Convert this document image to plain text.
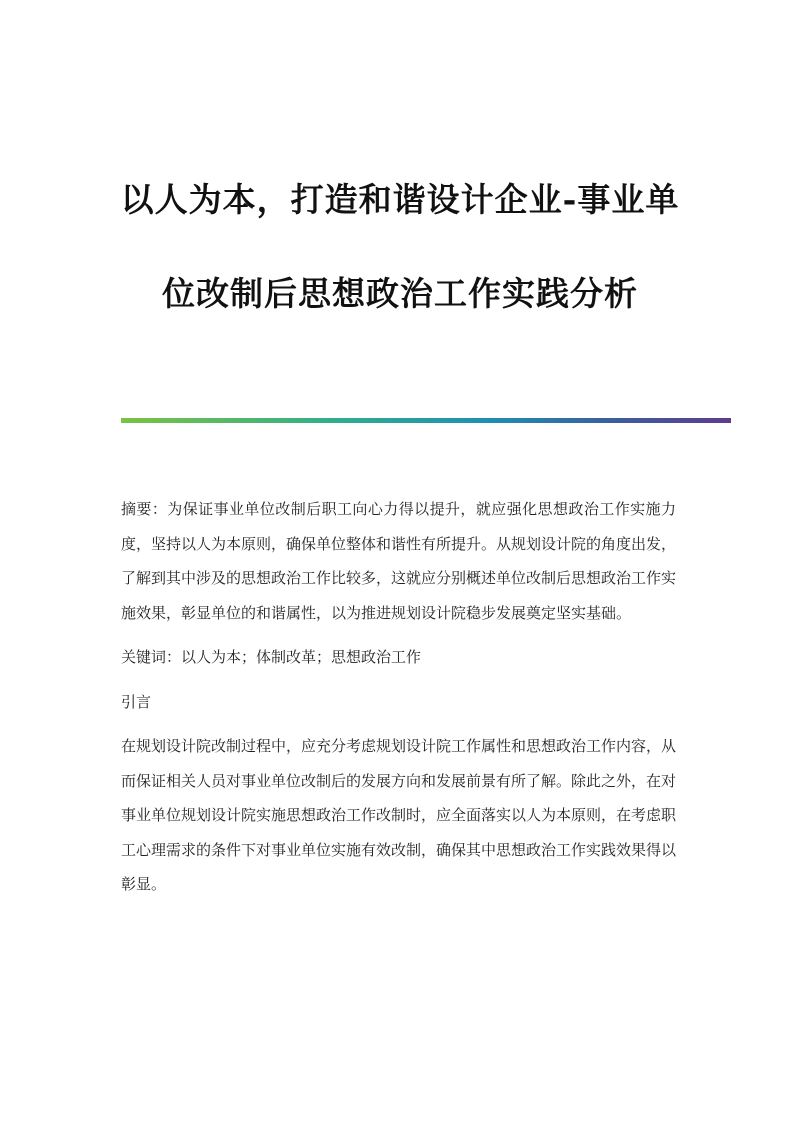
以人为本，打造和谐设计企业-事业单
位改制后思想政治工作实践分析

摘要：为保证事业单位改制后职工向心力得以提升，就应强化思想政治工作实施力度，坚持以人为本原则，确保单位整体和谐性有所提升。从规划设计院的角度出发，了解到其中涉及的思想政治工作比较多，这就应分别概述单位改制后思想政治工作实施效果，彰显单位的和谐属性，以为推进规划设计院稳步发展奠定坚实基础。

关键词：以人为本；体制改革；思想政治工作

引言

在规划设计院改制过程中，应充分考虑规划设计院工作属性和思想政治工作内容，从而保证相关人员对事业单位改制后的发展方向和发展前景有所了解。除此之外，在对事业单位规划设计院实施思想政治工作改制时，应全面落实以人为本原则，在考虑职工心理需求的条件下对事业单位实施有效改制，确保其中思想政治工作实践效果得以彰显。
